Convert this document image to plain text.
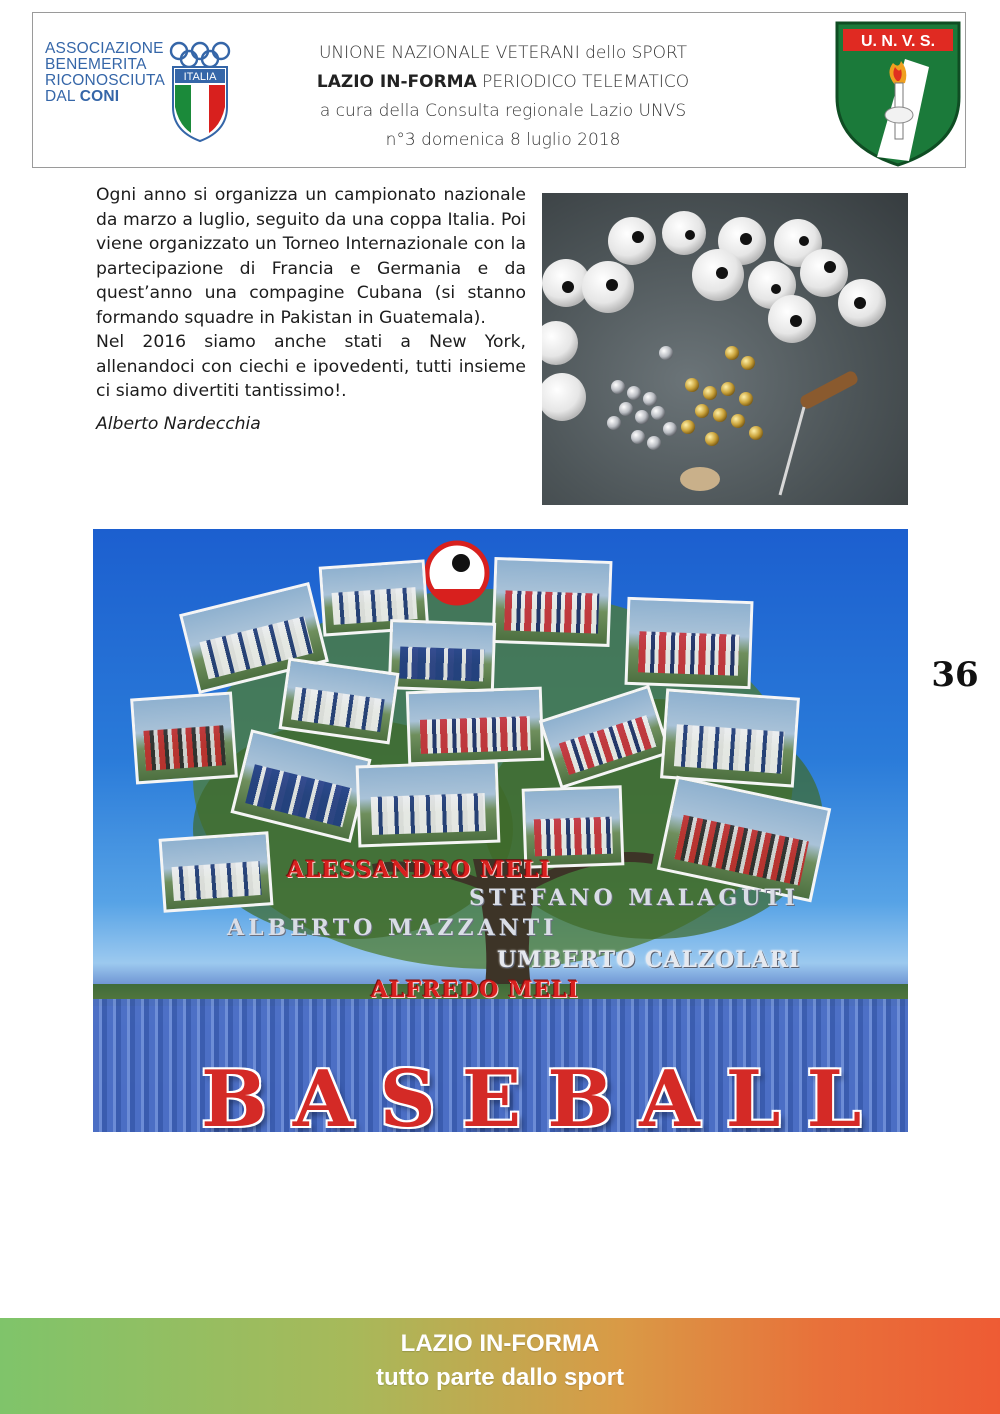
ASSOCIAZIONE
BENEMERITA
RICONOSCIUTA
DAL CONI
ITALIA
UNIONE NAZIONALE VETERANI dello SPORT
LAZIO IN-FORMA PERIODICO TELEMATICO
a cura della Consulta regionale Lazio UNVS
n°3 domenica 8 luglio 2018
U. N. V. S.

Ogni anno si organizza un campionato nazionale da marzo a luglio, seguito da una coppa Italia. Poi viene organizzato un Torneo Internazionale con la partecipazione di Francia e Germania e da quest’anno una compagine Cubana (si stanno formando squadre in Pakistan in Guatemala).

Nel 2016 siamo anche stati a New York, allenandoci con ciechi e ipovedenti, tutti insieme ci siamo divertiti tantissimo!.

Alberto Nardecchia

ALESSANDRO MELI
STEFANO MALAGUTI
ALBERTO MAZZANTI
UMBERTO CALZOLARI
ALFREDO MELI
BASEBALL
36
LAZIO IN-FORMA
tutto parte dallo sport
